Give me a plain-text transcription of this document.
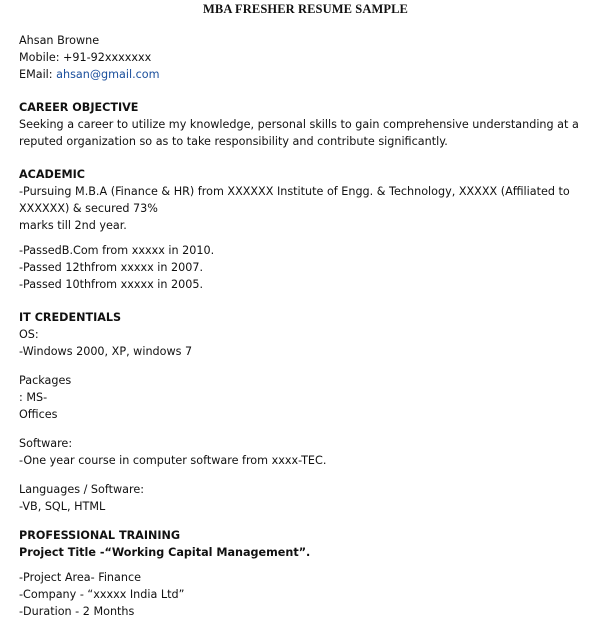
MBA FRESHER RESUME SAMPLE
Ahsan Browne
Mobile: +91-92xxxxxxx
EMail: ahsan@gmail.com
CAREER OBJECTIVE
Seeking a career to utilize my knowledge, personal skills to gain comprehensive understanding at a
reputed organization so as to take responsibility and contribute significantly.
ACADEMIC
-Pursuing M.B.A (Finance & HR) from XXXXXX Institute of Engg. & Technology, XXXXX (Affiliated to
XXXXXX) & secured 73%
marks till 2nd year.
-PassedB.Com from xxxxx in 2010.
-Passed 12thfrom xxxxx in 2007.
-Passed 10thfrom xxxxx in 2005.
IT CREDENTIALS
OS:
-Windows 2000, XP, windows 7
Packages
: MS-
Offices
Software:
-One year course in computer software from xxxx-TEC.
Languages / Software:
-VB, SQL, HTML
PROFESSIONAL TRAINING
Project Title -“Working Capital Management”.
-Project Area- Finance
-Company - “xxxxx India Ltd”
-Duration - 2 Months
